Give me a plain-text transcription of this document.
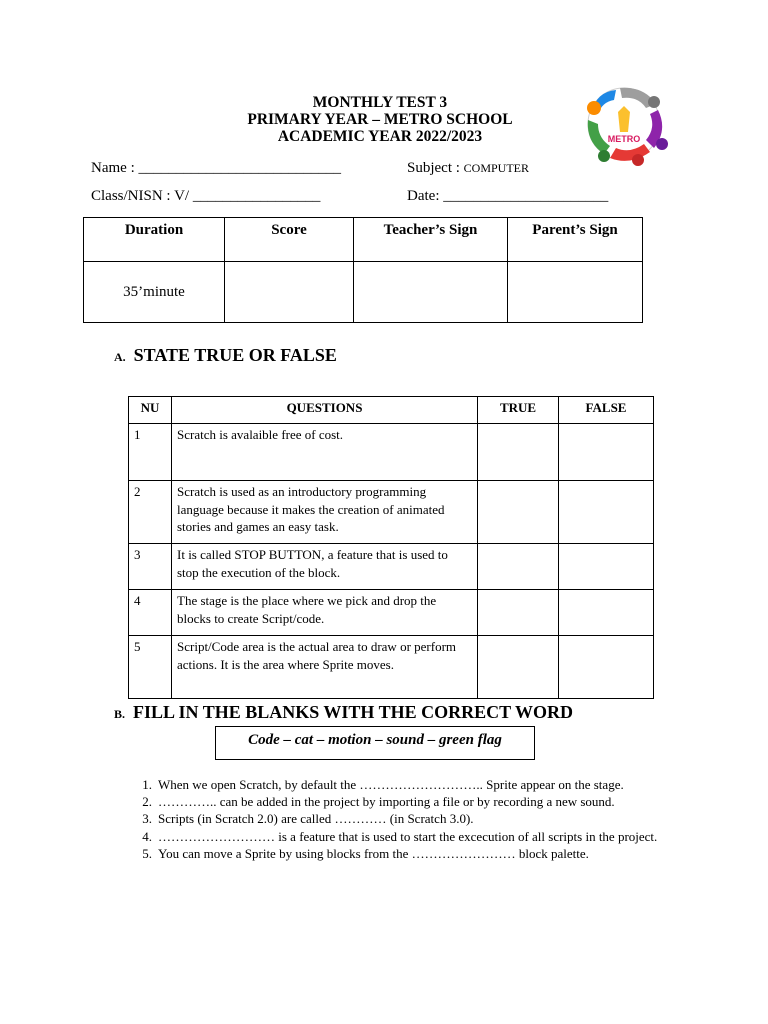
MONTHLY TEST 3
PRIMARY YEAR – METRO SCHOOL
ACADEMIC YEAR 2022/2023	METRO
Name : ___________________________	Subject : COMPUTER
Class/NISN : V/ _________________	Date: ______________________
Duration	Score	Teacher’s Sign	Parent’s Sign
35’minute			
A. STATE TRUE OR FALSE
NU	QUESTIONS	TRUE	FALSE
1	Scratch is avalaible free of cost.		
2	Scratch is used as an introductory programming language because it makes the creation of animated stories and games an easy task.		
3	It is called STOP BUTTON, a feature that is used to stop the execution of the block.		
4	The stage is the place where we pick and drop the blocks to create Script/code.		
5	Script/Code area is the actual area to draw or perform actions. It is the area where Sprite moves.		
B. FILL IN THE BLANKS WITH THE CORRECT WORD
Code – cat – motion – sound – green flag
1. When we open Scratch, by default the ……………………….. Sprite appear on the stage.
2. ………….. can be added in the project by importing a file or by recording a new sound.
3. Scripts (in Scratch 2.0) are called ………… (in Scratch 3.0).
4. ……………………… is a feature that is used to start the excecution of all scripts in the project.
5. You can move a Sprite by using blocks from the …………………… block palette.
